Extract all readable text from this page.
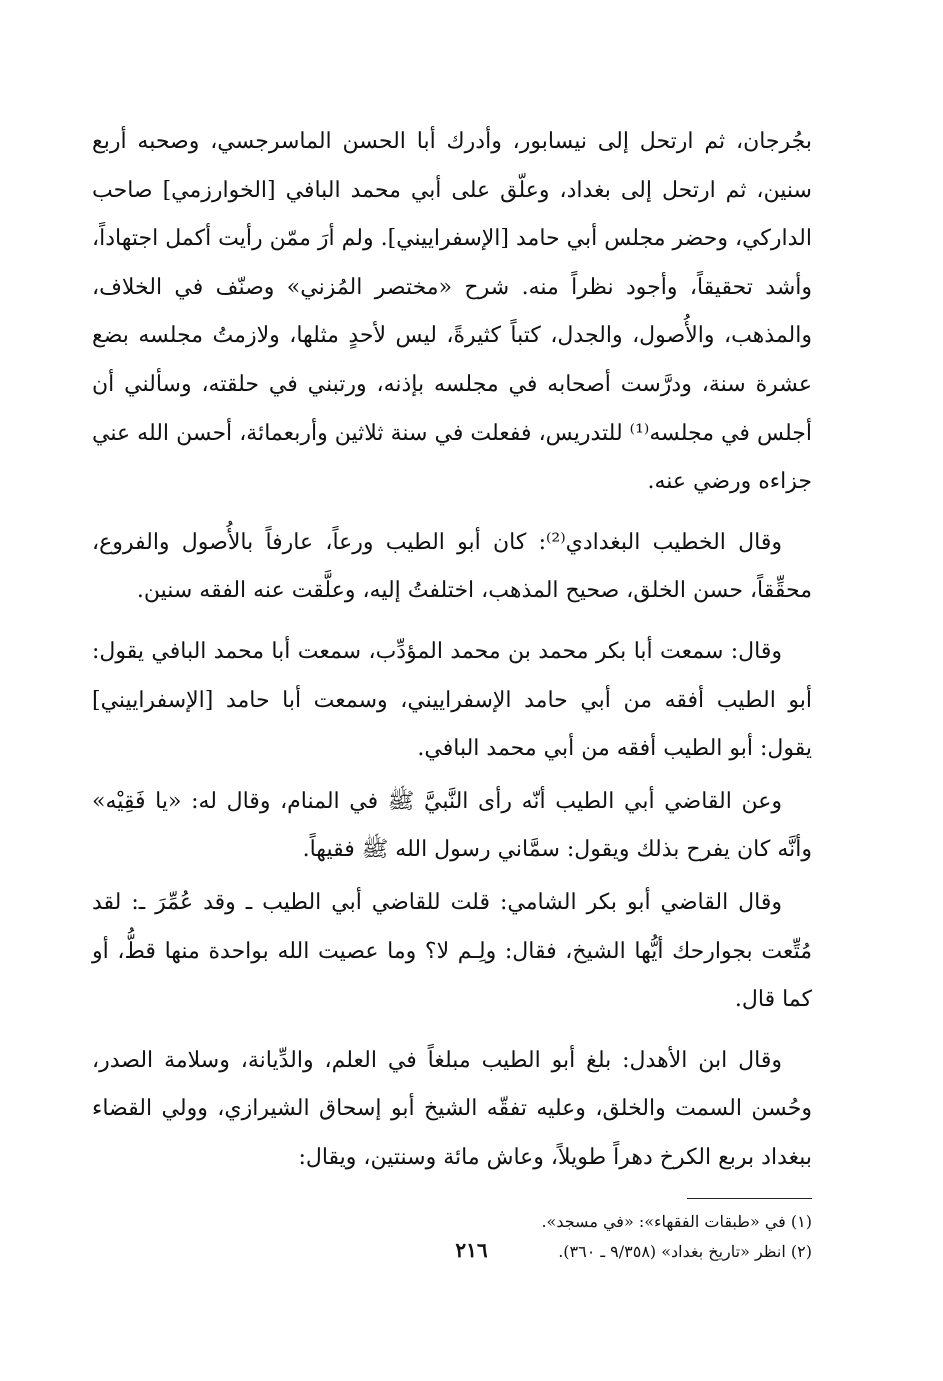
بجُرجان، ثم ارتحل إلى نيسابور، وأدرك أبا الحسن الماسرجسي، وصحبه أربع سنين، ثم ارتحل إلى بغداد، وعلّق على أبي محمد البافي [الخوارزمي] صاحب الداركي، وحضر مجلس أبي حامد [الإسفراييني]. ولم أرَ ممّن رأيت أكمل اجتهاداً، وأشد تحقيقاً، وأجود نظراً منه. شرح «مختصر المُزني» وصنّف في الخلاف، والمذهب، والأُصول، والجدل، كتباً كثيرةً، ليس لأحدٍ مثلها، ولازمتُ مجلسه بضع عشرة سنة، ودرَّست أصحابه في مجلسه بإذنه، ورتبني في حلقته، وسألني أن أجلس في مجلسه⁽¹⁾ للتدريس، ففعلت في سنة ثلاثين وأربعمائة، أحسن الله عني جزاءه ورضي عنه.

وقال الخطيب البغدادي⁽²⁾: كان أبو الطيب ورعاً، عارفاً بالأُصول والفروع، محقِّقاً، حسن الخلق، صحيح المذهب، اختلفتُ إليه، وعلَّقت عنه الفقه سنين.

وقال: سمعت أبا بكر محمد بن محمد المؤدِّب، سمعت أبا محمد البافي يقول: أبو الطيب أفقه من أبي حامد الإسفراييني، وسمعت أبا حامد [الإسفراييني] يقول: أبو الطيب أفقه من أبي محمد البافي.

وعن القاضي أبي الطيب أنّه رأى النَّبيَّ ﷺ في المنام، وقال له: «يا فَقِيْه» وأنَّه كان يفرح بذلك ويقول: سمَّاني رسول الله ﷺ فقيهاً.

وقال القاضي أبو بكر الشامي: قلت للقاضي أبي الطيب ـ وقد عُمِّرَ ـ: لقد مُتِّعت بجوارحك أيُّها الشيخ، فقال: ولِـم لا؟ وما عصيت الله بواحدة منها قطُّ، أو كما قال.

وقال ابن الأهدل: بلغ أبو الطيب مبلغاً في العلم، والدِّيانة، وسلامة الصدر، وحُسن السمت والخلق، وعليه تفقّه الشيخ أبو إسحاق الشيرازي، وولي القضاء ببغداد بربع الكرخ دهراً طويلاً، وعاش مائة وسنتين، ويقال:

(١) في «طبقات الفقهاء»: «في مسجد».

(٢) انظر «تاريخ بغداد» (٩/٣٥٨ ـ ٣٦٠).

٢١٦
